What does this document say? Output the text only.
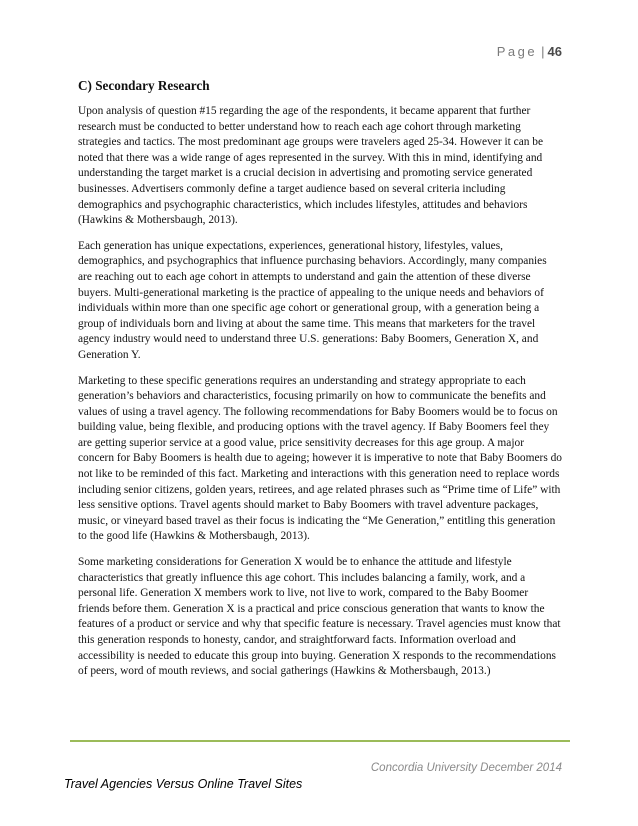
Page | 46
C) Secondary Research

Upon analysis of question #15 regarding the age of the respondents, it became apparent that further research must be conducted to better understand how to reach each age cohort through marketing strategies and tactics. The most predominant age groups were travelers aged 25-34. However it can be noted that there was a wide range of ages represented in the survey. With this in mind, identifying and understanding the target market is a crucial decision in advertising and promoting service generated businesses. Advertisers commonly define a target audience based on several criteria including demographics and psychographic characteristics, which includes lifestyles, attitudes and behaviors (Hawkins & Mothersbaugh, 2013).

Each generation has unique expectations, experiences, generational history, lifestyles, values, demographics, and psychographics that influence purchasing behaviors. Accordingly, many companies are reaching out to each age cohort in attempts to understand and gain the attention of these diverse buyers. Multi-generational marketing is the practice of appealing to the unique needs and behaviors of individuals within more than one specific age cohort or generational group, with a generation being a group of individuals born and living at about the same time. This means that marketers for the travel agency industry would need to understand three U.S. generations: Baby Boomers, Generation X, and Generation Y.

Marketing to these specific generations requires an understanding and strategy appropriate to each generation’s behaviors and characteristics, focusing primarily on how to communicate the benefits and values of using a travel agency. The following recommendations for Baby Boomers would be to focus on building value, being flexible, and producing options with the travel agency. If Baby Boomers feel they are getting superior service at a good value, price sensitivity decreases for this age group. A major concern for Baby Boomers is health due to ageing; however it is imperative to note that Baby Boomers do not like to be reminded of this fact. Marketing and interactions with this generation need to replace words including senior citizens, golden years, retirees, and age related phrases such as “Prime time of Life” with less sensitive options. Travel agents should market to Baby Boomers with travel adventure packages, music, or vineyard based travel as their focus is indicating the “Me Generation,” entitling this generation to the good life (Hawkins & Mothersbaugh, 2013).

Some marketing considerations for Generation X would be to enhance the attitude and lifestyle characteristics that greatly influence this age cohort. This includes balancing a family, work, and a personal life. Generation X members work to live, not live to work, compared to the Baby Boomer friends before them. Generation X is a practical and price conscious generation that wants to know the features of a product or service and why that specific feature is necessary. Travel agencies must know that this generation responds to honesty, candor, and straightforward facts. Information overload and accessibility is needed to educate this group into buying. Generation X responds to the recommendations of peers, word of mouth reviews, and social gatherings (Hawkins & Mothersbaugh, 2013.)

Concordia University December 2014
Travel Agencies Versus Online Travel Sites
